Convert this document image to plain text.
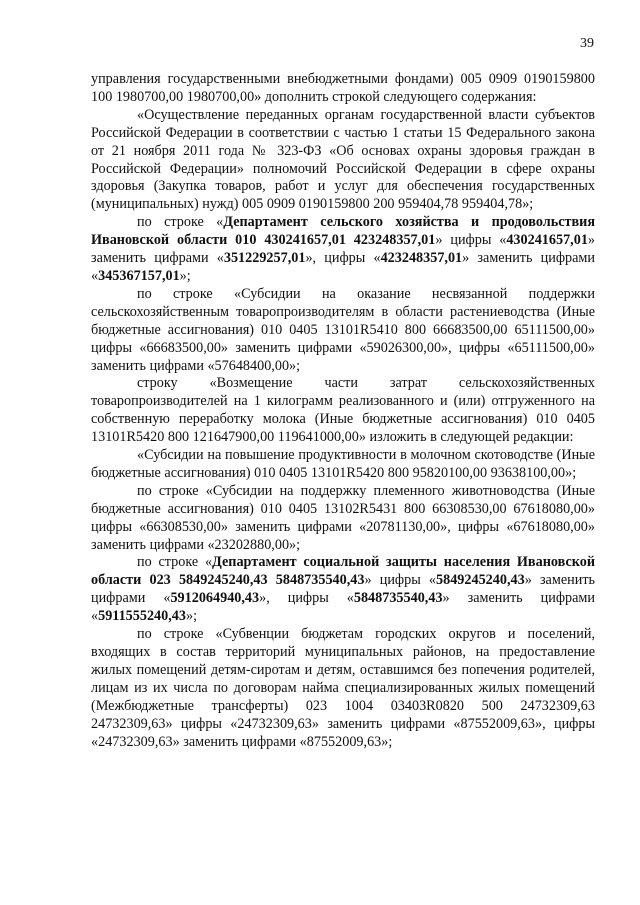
39

управления государственными внебюджетными фондами) 005 0909 0190159800 100 1980700,00 1980700,00» дополнить строкой следующего содержания:

«Осуществление переданных органам государственной власти субъектов Российской Федерации в соответствии с частью 1 статьи 15 Федерального закона от 21 ноября 2011 года № 323-ФЗ «Об основах охраны здоровья граждан в Российской Федерации» полномочий Российской Федерации в сфере охраны здоровья (Закупка товаров, работ и услуг для обеспечения государственных (муниципальных) нужд) 005 0909 0190159800 200 959404,78 959404,78»;

по строке «Департамент сельского хозяйства и продовольствия Ивановской области 010 430241657,01 423248357,01» цифры «430241657,01» заменить цифрами «351229257,01», цифры «423248357,01» заменить цифрами «345367157,01»;

по строке «Субсидии на оказание несвязанной поддержки сельскохозяйственным товаропроизводителям в области растениеводства (Иные бюджетные ассигнования) 010 0405 13101R5410 800 66683500,00 65111500,00» цифры «66683500,00» заменить цифрами «59026300,00», цифры «65111500,00» заменить цифрами «57648400,00»;

строку «Возмещение части затрат сельскохозяйственных товаропроизводителей на 1 килограмм реализованного и (или) отгруженного на собственную переработку молока (Иные бюджетные ассигнования) 010 0405 13101R5420 800 121647900,00 119641000,00» изложить в следующей редакции:

«Субсидии на повышение продуктивности в молочном скотоводстве (Иные бюджетные ассигнования) 010 0405 13101R5420 800 95820100,00 93638100,00»;

по строке «Субсидии на поддержку племенного животноводства (Иные бюджетные ассигнования) 010 0405 13102R5431 800 66308530,00 67618080,00» цифры «66308530,00» заменить цифрами «20781130,00», цифры «67618080,00» заменить цифрами «23202880,00»;

по строке «Департамент социальной защиты населения Ивановской области 023 5849245240,43 5848735540,43» цифры «5849245240,43» заменить цифрами «5912064940,43», цифры «5848735540,43» заменить цифрами «5911555240,43»;

по строке «Субвенции бюджетам городских округов и поселений, входящих в состав территорий муниципальных районов, на предоставление жилых помещений детям-сиротам и детям, оставшимся без попечения родителей, лицам из их числа по договорам найма специализированных жилых помещений (Межбюджетные трансферты) 023 1004 03403R0820 500 24732309,63 24732309,63» цифры «24732309,63» заменить цифрами «87552009,63», цифры «24732309,63» заменить цифрами «87552009,63»;
